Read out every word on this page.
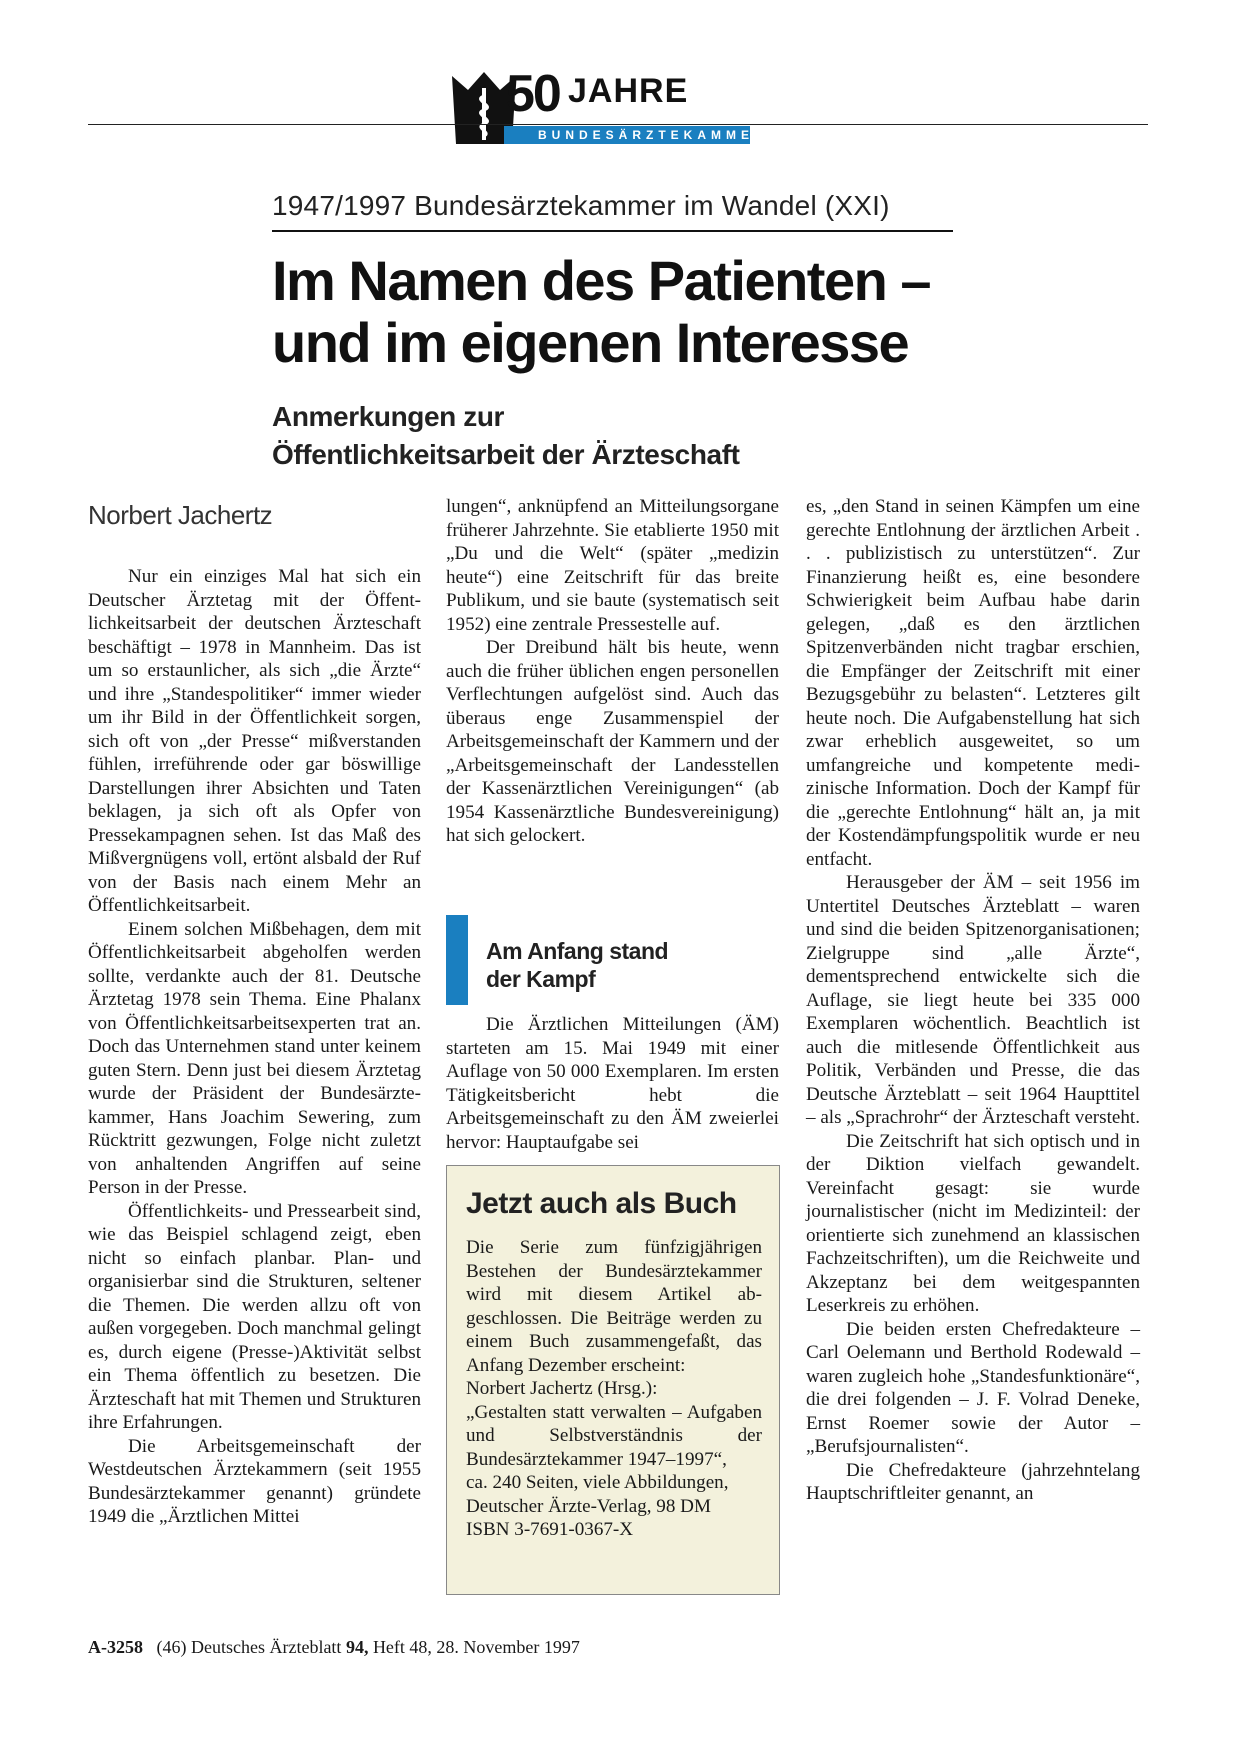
50 JAHRE
BUNDESÄRZTEKAMMER
1947/1997 Bundesärztekammer im Wandel (XXI)
Im Namen des Patienten –
und im eigenen Interesse
Anmerkungen zur
Öffentlichkeitsarbeit der Ärzteschaft
Norbert Jachertz

Nur ein einziges Mal hat sich ein Deutscher Ärztetag mit der Öffentlichkeitsarbeit der deutschen Ärzteschaft beschäftigt – 1978 in Mannheim. Das ist um so erstaunlicher, als sich „die Ärzte“ und ihre „Standespolitiker“ immer wieder um ihr Bild in der Öffentlichkeit sorgen, sich oft von „der Presse“ mißverstanden fühlen, irreführende oder gar böswillige Darstellungen ihrer Absichten und Taten beklagen, ja sich oft als Opfer von Pressekampagnen sehen. Ist das Maß des Mißvergnügens voll, ertönt alsbald der Ruf von der Basis nach einem Mehr an Öffentlichkeitsarbeit.

Einem solchen Mißbehagen, dem mit Öffentlichkeitsarbeit abgeholfen werden sollte, verdankte auch der 81. Deutsche Ärztetag 1978 sein Thema. Eine Phalanx von Öffentlichkeitsarbeitsexperten trat an. Doch das Unternehmen stand unter keinem guten Stern. Denn just bei diesem Ärztetag wurde der Präsident der Bundesärztekammer, Hans Joachim Sewering, zum Rücktritt gezwungen, Folge nicht zuletzt von anhaltenden Angriffen auf seine Person in der Presse.

Öffentlichkeits- und Pressearbeit sind, wie das Beispiel schlagend zeigt, eben nicht so einfach planbar. Plan- und organisierbar sind die Strukturen, seltener die Themen. Die werden allzu oft von außen vorgegeben. Doch manchmal gelingt es, durch eigene (Presse-)Aktivität selbst ein Thema öffentlich zu besetzen. Die Ärzteschaft hat mit Themen und Strukturen ihre Erfahrungen.

Die Arbeitsgemeinschaft der Westdeutschen Ärztekammern (seit 1955 Bundesärztekammer genannt) gründete 1949 die „Ärztlichen Mittei

lungen“, anknüpfend an Mitteilungsorgane früherer Jahrzehnte. Sie etablierte 1950 mit „Du und die Welt“ (später „medizin heute“) eine Zeitschrift für das breite Publikum, und sie baute (systematisch seit 1952) eine zentrale Pressestelle auf.

Der Dreibund hält bis heute, wenn auch die früher üblichen engen personellen Verflechtungen aufgelöst sind. Auch das überaus enge Zusammenspiel der Arbeitsgemeinschaft der Kammern und der „Arbeitsgemeinschaft der Landesstellen der Kassenärztlichen Vereinigungen“ (ab 1954 Kassenärztliche Bundesvereinigung) hat sich gelockert.

Am Anfang stand
der Kampf

Die Ärztlichen Mitteilungen (ÄM) starteten am 15. Mai 1949 mit einer Auflage von 50 000 Exemplaren. Im ersten Tätigkeitsbericht hebt die Arbeitsgemeinschaft zu den ÄM zweierlei hervor: Hauptaufgabe sei

Jetzt auch als Buch

Die Serie zum fünfzigjährigen Bestehen der Bundesärztekammer wird mit diesem Artikel abgeschlossen. Die Beiträge werden zu einem Buch zusammengefaßt, das Anfang Dezember erscheint:

Norbert Jachertz (Hrsg.):

„Gestalten statt verwalten – Aufgaben und Selbstverständnis der Bundesärztekammer 1947–1997“,

ca. 240 Seiten, viele Abbildungen, Deutscher Ärzte-Verlag, 98 DM

ISBN 3-7691-0367-X

es, „den Stand in seinen Kämpfen um eine gerechte Entlohnung der ärztlichen Arbeit . . . publizistisch zu unterstützen“. Zur Finanzierung heißt es, eine besondere Schwierigkeit beim Aufbau habe darin gelegen, „daß es den ärztlichen Spitzenverbänden nicht tragbar erschien, die Empfänger der Zeitschrift mit einer Bezugsgebühr zu belasten“. Letzteres gilt heute noch. Die Aufgabenstellung hat sich zwar erheblich ausgeweitet, so um umfangreiche und kompetente medizinische Information. Doch der Kampf für die „gerechte Entlohnung“ hält an, ja mit der Kostendämpfungspolitik wurde er neu entfacht.

Herausgeber der ÄM – seit 1956 im Untertitel Deutsches Ärzteblatt – waren und sind die beiden Spitzenorganisationen; Zielgruppe sind „alle Ärzte“, dementsprechend entwickelte sich die Auflage, sie liegt heute bei 335 000 Exemplaren wöchentlich. Beachtlich ist auch die mitlesende Öffentlichkeit aus Politik, Verbänden und Presse, die das Deutsche Ärzteblatt – seit 1964 Haupttitel – als „Sprachrohr“ der Ärzteschaft versteht.

Die Zeitschrift hat sich optisch und in der Diktion vielfach gewandelt. Vereinfacht gesagt: sie wurde journalistischer (nicht im Medizinteil: der orientierte sich zunehmend an klassischen Fachzeitschriften), um die Reichweite und Akzeptanz bei dem weitgespannten Leserkreis zu erhöhen.

Die beiden ersten Chefredakteure – Carl Oelemann und Berthold Rodewald – waren zugleich hohe „Standesfunktionäre“, die drei folgenden – J. F. Volrad Deneke, Ernst Roemer sowie der Autor – „Berufsjournalisten“.

Die Chefredakteure (jahrzehntelang Hauptschriftleiter genannt, an

A-3258 (46) Deutsches Ärzteblatt 94, Heft 48, 28. November 1997
